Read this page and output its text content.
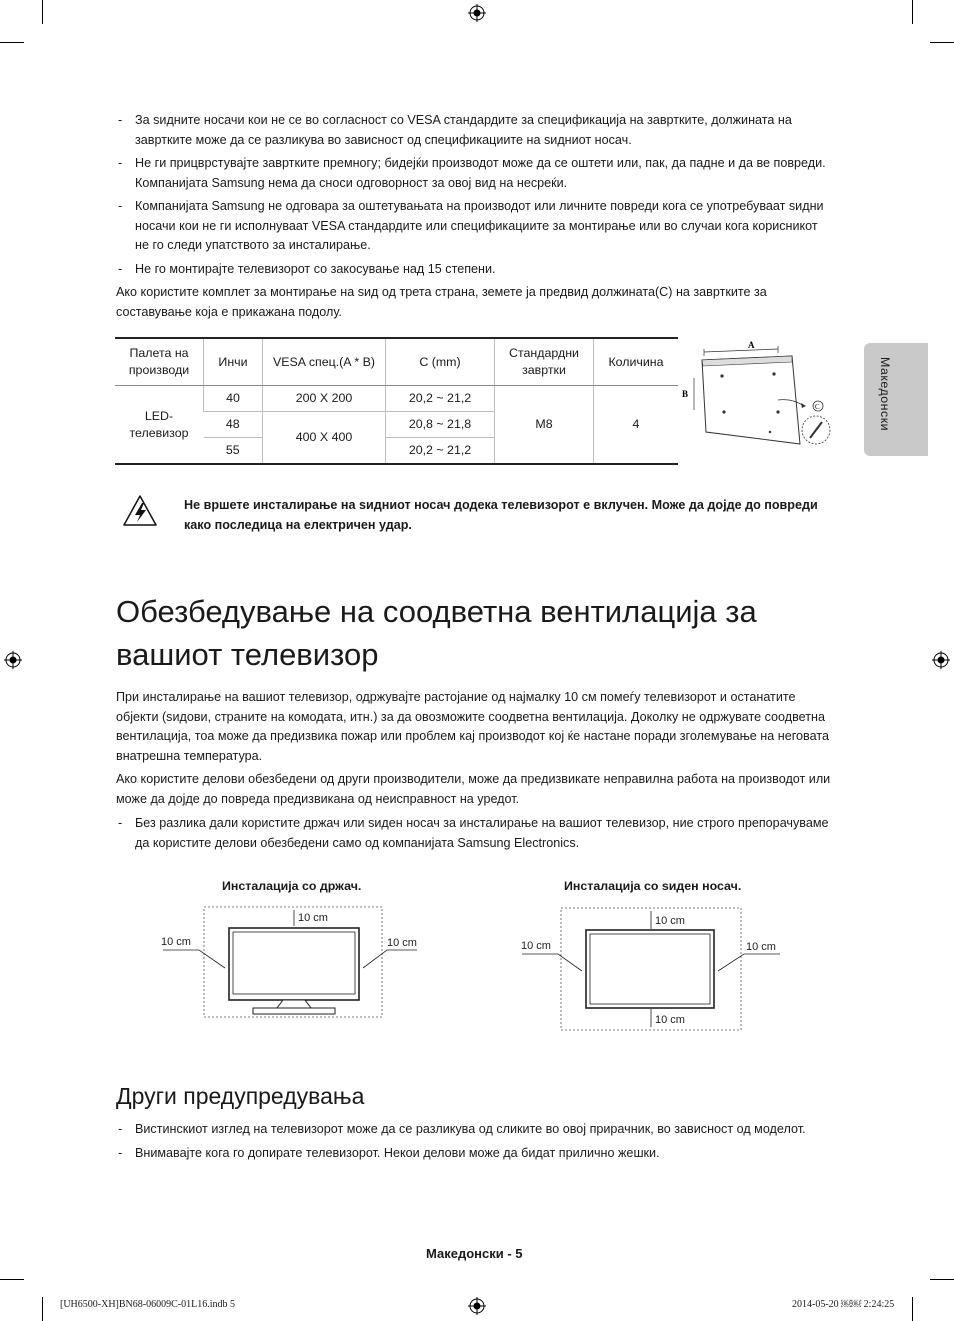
- За ѕидните носачи кои не се во согласност со VESA стандардите за спецификација на завртките, должината на завртките може да се разликува во зависност од спецификациите на ѕидниот носач.
- Не ги прицврстувајте завртките премногу; бидејќи производот може да се оштети или, пак, да падне и да ве повреди. Компанијата Samsung нема да сноси одговорност за овој вид на несреќи.
- Компанијата Samsung не одговара за оштетувањата на производот или личните повреди кога се употребуваат ѕидни носачи кои не ги исполнуваат VESA стандардите или спецификациите за монтирање или во случаи кога корисникот не го следи упатството за инсталирање.
- Не го монтирајте телевизорот со закосување над 15 степени.

Ако користите комплет за монтирање на ѕид од трета страна, земете ја предвид должината(C) на завртките за составување која е прикажана подолу.

Палета на производи	Инчи	VESA спец.(A * B)	C (mm)	Стандардни завртки	Количина
LED-телевизор	40	200 X 200	20,2 ~ 21,2	M8	4
	48	400 X 400	20,8 ~ 21,8		
	55		20,2 ~ 21,2		
A
B
C	Македонски
Не вршете инсталирање на ѕидниот носач додека телевизорот е вклучен. Може да дојде до повреди како последица на електричен удар.
Обезбедување на соодветна вентилација за вашиот телевизор

При инсталирање на вашиот телевизор, одржувајте растојание од најмалку 10 см помеѓу телевизорот и останатите објекти (ѕидови, страните на комодата, итн.) за да овозможите соодветна вентилација. Доколку не одржувате соодветна вентилација, тоа може да предизвика пожар или проблем кај производот кој ќе настане поради зголемување на неговата внатрешна температура.

Ако користите делови обезбедени од други производители, може да предизвикате неправилна работа на производот или може да дојде до повреда предизвикана од неисправност на уредот.

- Без разлика дали користите држач или ѕиден носач за инсталирање на вашиот телевизор, ние строго препорачуваме да користите делови обезбедени само од компанијата Samsung Electronics.
Инсталација со држач.	Инсталација со ѕиден носач.
10 cm
10 cm	10 cm
10 cm
10 cm
10 cm	10 cm
Други предупредувања
- Вистинскиот изглед на телевизорот може да се разликува од сликите во овој прирачник, во зависност од моделот.
- Внимавајте кога го допирате телевизорот. Некои делови може да бидат прилично жешки.
Македонски - 5
[UH6500-XH]BN68-06009C-01L16.indb 5	2014-05-20 ￼￼ 2:24:25
